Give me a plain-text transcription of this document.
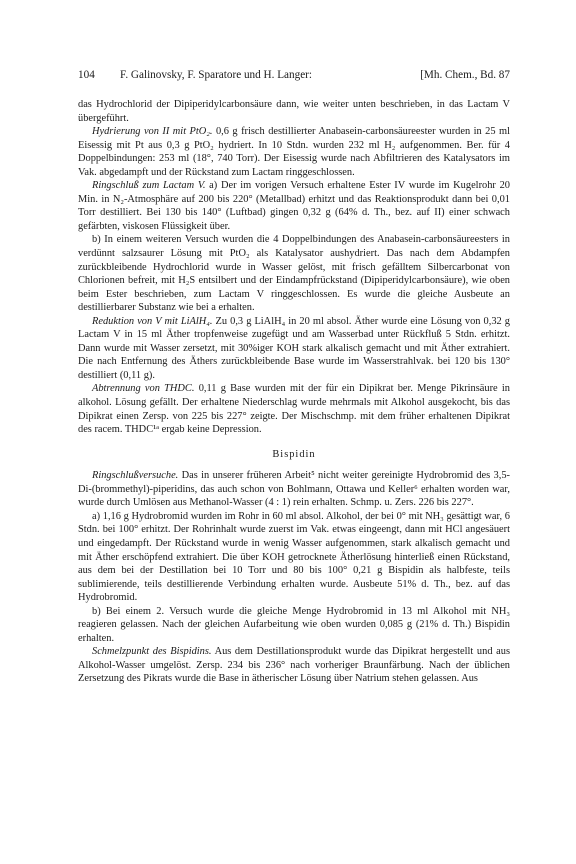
104 F. Galinovsky, F. Sparatore und H. Langer:	[Mh. Chem., Bd. 87

das Hydrochlorid der Dipiperidylcarbonsäure dann, wie weiter unten beschrieben, in das Lactam V übergeführt.

Hydrierung von II mit PtO₂. 0,6 g frisch destillierter Anabasein-carbonsäureester wurden in 25 ml Eisessig mit Pt aus 0,3 g PtO₂ hydriert. In 10 Stdn. wurden 232 ml H₂ aufgenommen. Ber. für 4 Doppelbindungen: 253 ml (18°, 740 Torr). Der Eisessig wurde nach Abfiltrieren des Katalysators im Vak. abgedampft und der Rückstand zum Lactam ringgeschlossen.

Ringschluß zum Lactam V. a) Der im vorigen Versuch erhaltene Ester IV wurde im Kugelrohr 20 Min. in N₂-Atmosphäre auf 200 bis 220° (Metallbad) erhitzt und das Reaktionsprodukt dann bei 0,01 Torr destilliert. Bei 130 bis 140° (Luftbad) gingen 0,32 g (64% d. Th., bez. auf II) einer schwach gefärbten, viskosen Flüssigkeit über.

b) In einem weiteren Versuch wurden die 4 Doppelbindungen des Anabasein-carbonsäureesters in verdünnt salzsaurer Lösung mit PtO₂ als Katalysator aushydriert. Das nach dem Abdampfen zurückbleibende Hydrochlorid wurde in Wasser gelöst, mit frisch gefälltem Silbercarbonat von Chlorionen befreit, mit H₂S entsilbert und der Eindampfrückstand (Dipiperidylcarbonsäure), wie oben beim Ester beschrieben, zum Lactam V ringgeschlossen. Es wurde die gleiche Ausbeute an destillierbarer Substanz wie bei a erhalten.

Reduktion von V mit LiAlH₄. Zu 0,3 g LiAlH₄ in 20 ml absol. Äther wurde eine Lösung von 0,32 g Lactam V in 15 ml Äther tropfenweise zugefügt und am Wasserbad unter Rückfluß 5 Stdn. erhitzt. Dann wurde mit Wasser zersetzt, mit 30%iger KOH stark alkalisch gemacht und mit Äther extrahiert. Die nach Entfernung des Äthers zurückbleibende Base wurde im Wasserstrahlvak. bei 120 bis 130° destilliert (0,11 g).

Abtrennung von THDC. 0,11 g Base wurden mit der für ein Dipikrat ber. Menge Pikrinsäure in alkohol. Lösung gefällt. Der erhaltene Niederschlag wurde mehrmals mit Alkohol ausgekocht, bis das Dipikrat einen Zersp. von 225 bis 227° zeigte. Der Mischschmp. mit dem früher erhaltenen Dipikrat des racem. THDC¹ᵃ ergab keine Depression.

Bispidin

Ringschlußversuche. Das in unserer früheren Arbeit⁵ nicht weiter gereinigte Hydrobromid des 3,5-Di-(brommethyl)-piperidins, das auch schon von Bohlmann, Ottawa und Keller⁶ erhalten worden war, wurde durch Umlösen aus Methanol-Wasser (4 : 1) rein erhalten. Schmp. u. Zers. 226 bis 227°.

a) 1,16 g Hydrobromid wurden im Rohr in 60 ml absol. Alkohol, der bei 0° mit NH₃ gesättigt war, 6 Stdn. bei 100° erhitzt. Der Rohrinhalt wurde zuerst im Vak. etwas eingeengt, dann mit HCl angesäuert und eingedampft. Der Rückstand wurde in wenig Wasser aufgenommen, stark alkalisch gemacht und mit Äther erschöpfend extrahiert. Die über KOH getrocknete Ätherlösung hinterließ einen Rückstand, aus dem bei der Destillation bei 10 Torr und 80 bis 100° 0,21 g Bispidin als halbfeste, teils sublimierende, teils destillierende Verbindung erhalten wurde. Ausbeute 51% d. Th., bez. auf das Hydrobromid.

b) Bei einem 2. Versuch wurde die gleiche Menge Hydrobromid in 13 ml Alkohol mit NH₃ reagieren gelassen. Nach der gleichen Aufarbeitung wie oben wurden 0,085 g (21% d. Th.) Bispidin erhalten.

Schmelzpunkt des Bispidins. Aus dem Destillationsprodukt wurde das Dipikrat hergestellt und aus Alkohol-Wasser umgelöst. Zersp. 234 bis 236° nach vorheriger Braunfärbung. Nach der üblichen Zersetzung des Pikrats wurde die Base in ätherischer Lösung über Natrium stehen gelassen. Aus
